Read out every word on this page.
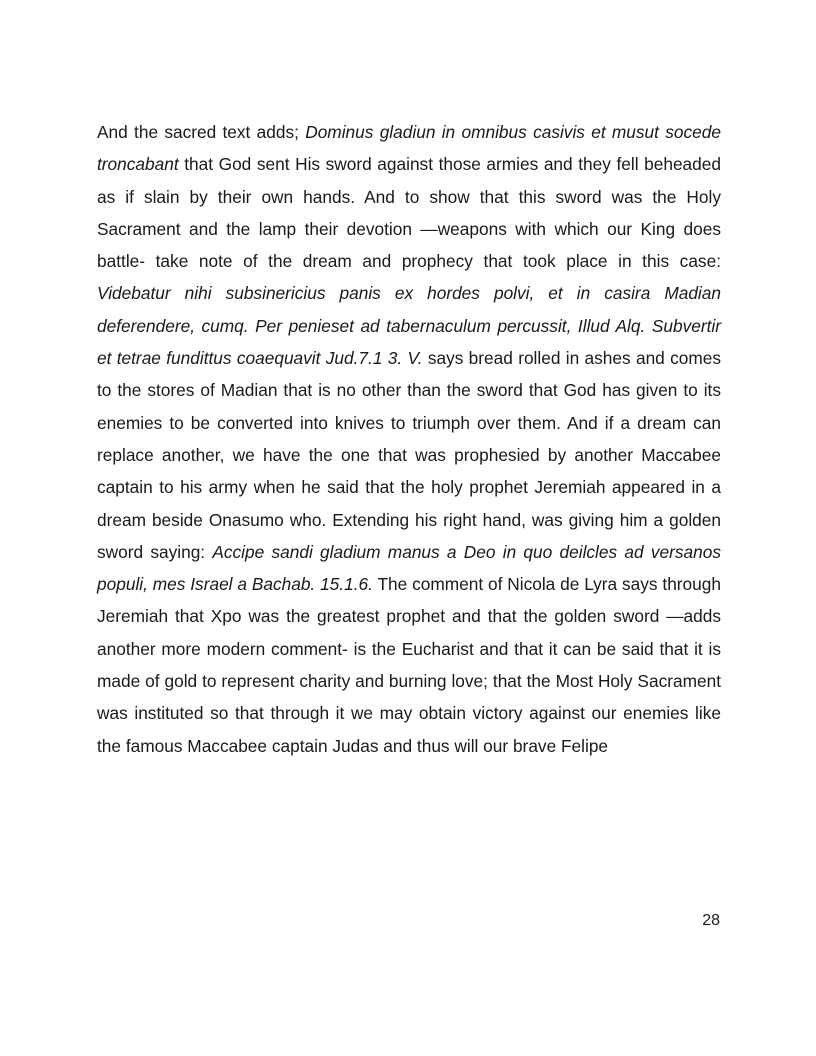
And the sacred text adds; Dominus gladiun in omnibus casivis et musut socede troncabant that God sent His sword against those armies and they fell beheaded as if slain by their own hands. And to show that this sword was the Holy Sacrament and the lamp their devotion —weapons with which our King does battle- take note of the dream and prophecy that took place in this case: Videbatur nihi subsinericius panis ex hordes polvi, et in casira Madian deferendere, cumq. Per penieset ad tabernaculum percussit, Illud Alq. Subvertir et tetrae fundittus coaequavit Jud.7.1 3. V. says bread rolled in ashes and comes to the stores of Madian that is no other than the sword that God has given to its enemies to be converted into knives to triumph over them. And if a dream can replace another, we have the one that was prophesied by another Maccabee captain to his army when he said that the holy prophet Jeremiah appeared in a dream beside Onasumo who. Extending his right hand, was giving him a golden sword saying: Accipe sandi gladium manus a Deo in quo deilcles ad versanos populi, mes Israel a Bachab. 15.1.6. The comment of Nicola de Lyra says through Jeremiah that Xpo was the greatest prophet and that the golden sword —adds another more modern comment- is the Eucharist and that it can be said that it is made of gold to represent charity and burning love; that the Most Holy Sacrament was instituted so that through it we may obtain victory against our enemies like the famous Maccabee captain Judas and thus will our brave Felipe

28
